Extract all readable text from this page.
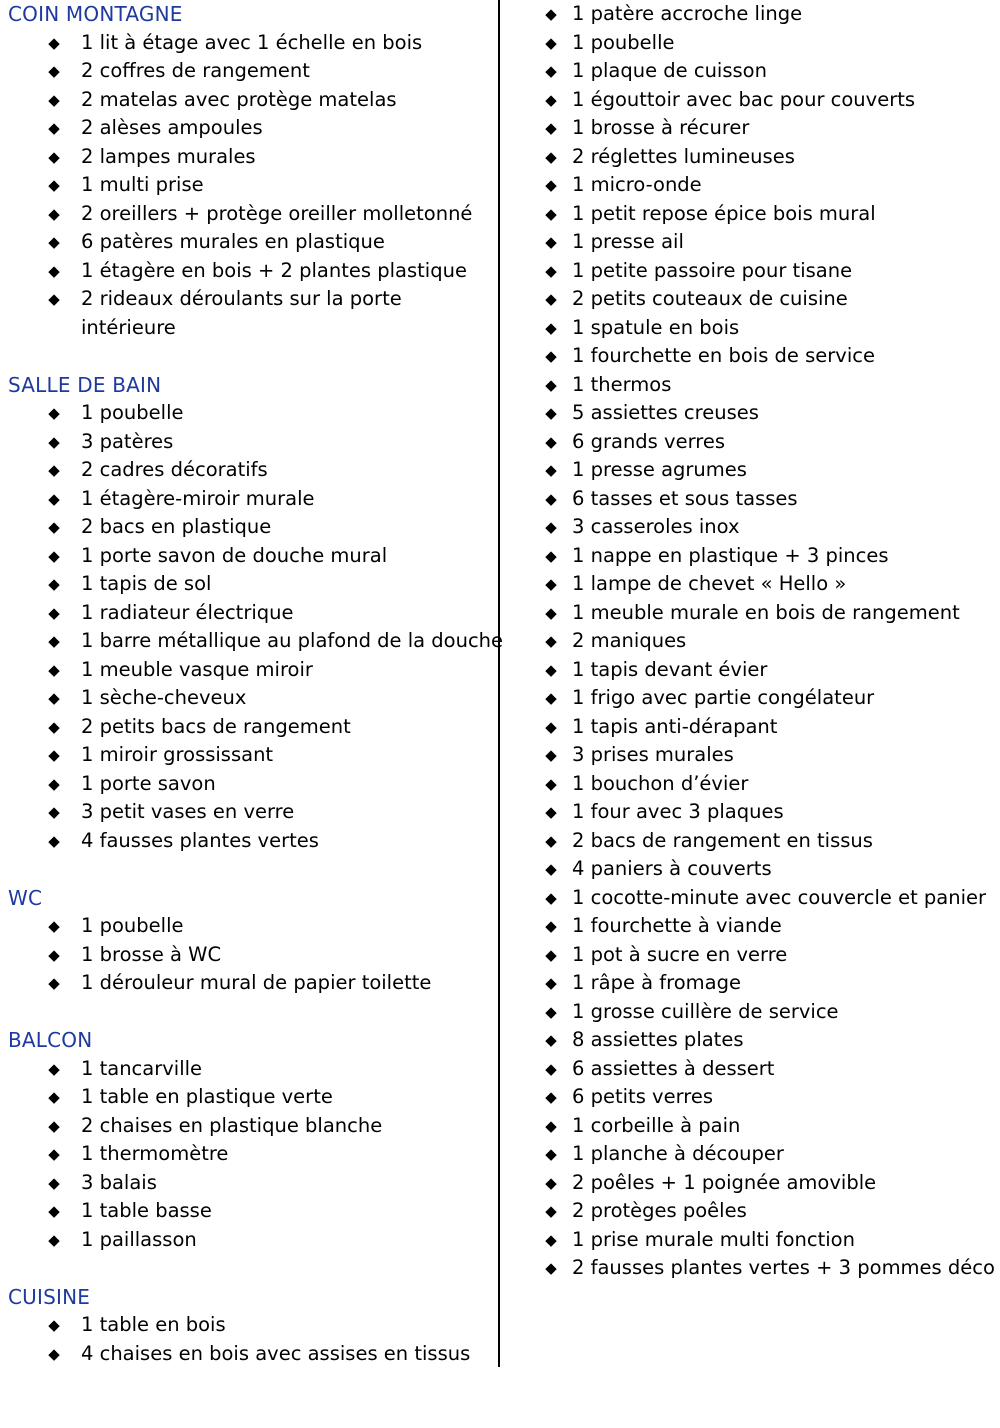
COIN MONTAGNE
◆ 1 lit à étage avec 1 échelle en bois
◆ 2 coffres de rangement
◆ 2 matelas avec protège matelas
◆ 2 alèses ampoules
◆ 2 lampes murales
◆ 1 multi prise
◆ 2 oreillers + protège oreiller molletonné
◆ 6 patères murales en plastique
◆ 1 étagère en bois + 2 plantes plastique
◆ 2 rideaux déroulants sur la porte intérieure
SALLE DE BAIN
◆ 1 poubelle
◆ 3 patères
◆ 2 cadres décoratifs
◆ 1 étagère-miroir murale
◆ 2 bacs en plastique
◆ 1 porte savon de douche mural
◆ 1 tapis de sol
◆ 1 radiateur électrique
◆ 1 barre métallique au plafond de la douche
◆ 1 meuble vasque miroir
◆ 1 sèche-cheveux
◆ 2 petits bacs de rangement
◆ 1 miroir grossissant
◆ 1 porte savon
◆ 3 petit vases en verre
◆ 4 fausses plantes vertes
WC
◆ 1 poubelle
◆ 1 brosse à WC
◆ 1 dérouleur mural de papier toilette
BALCON
◆ 1 tancarville
◆ 1 table en plastique verte
◆ 2 chaises en plastique blanche
◆ 1 thermomètre
◆ 3 balais
◆ 1 table basse
◆ 1 paillasson
CUISINE
◆ 1 table en bois
◆ 4 chaises en bois avec assises en tissus
◆ 1 patère accroche linge
◆ 1 poubelle
◆ 1 plaque de cuisson
◆ 1 égouttoir avec bac pour couverts
◆ 1 brosse à récurer
◆ 2 réglettes lumineuses
◆ 1 micro-onde
◆ 1 petit repose épice bois mural
◆ 1 presse ail
◆ 1 petite passoire pour tisane
◆ 2 petits couteaux de cuisine
◆ 1 spatule en bois
◆ 1 fourchette en bois de service
◆ 1 thermos
◆ 5 assiettes creuses
◆ 6 grands verres
◆ 1 presse agrumes
◆ 6 tasses et sous tasses
◆ 3 casseroles inox
◆ 1 nappe en plastique + 3 pinces
◆ 1 lampe de chevet « Hello »
◆ 1 meuble murale en bois de rangement
◆ 2 maniques
◆ 1 tapis devant évier
◆ 1 frigo avec partie congélateur
◆ 1 tapis anti-dérapant
◆ 3 prises murales
◆ 1 bouchon d’évier
◆ 1 four avec 3 plaques
◆ 2 bacs de rangement en tissus
◆ 4 paniers à couverts
◆ 1 cocotte-minute avec couvercle et panier
◆ 1 fourchette à viande
◆ 1 pot à sucre en verre
◆ 1 râpe à fromage
◆ 1 grosse cuillère de service
◆ 8 assiettes plates
◆ 6 assiettes à dessert
◆ 6 petits verres
◆ 1 corbeille à pain
◆ 1 planche à découper
◆ 2 poêles + 1 poignée amovible
◆ 2 protèges poêles
◆ 1 prise murale multi fonction
◆ 2 fausses plantes vertes + 3 pommes déco
